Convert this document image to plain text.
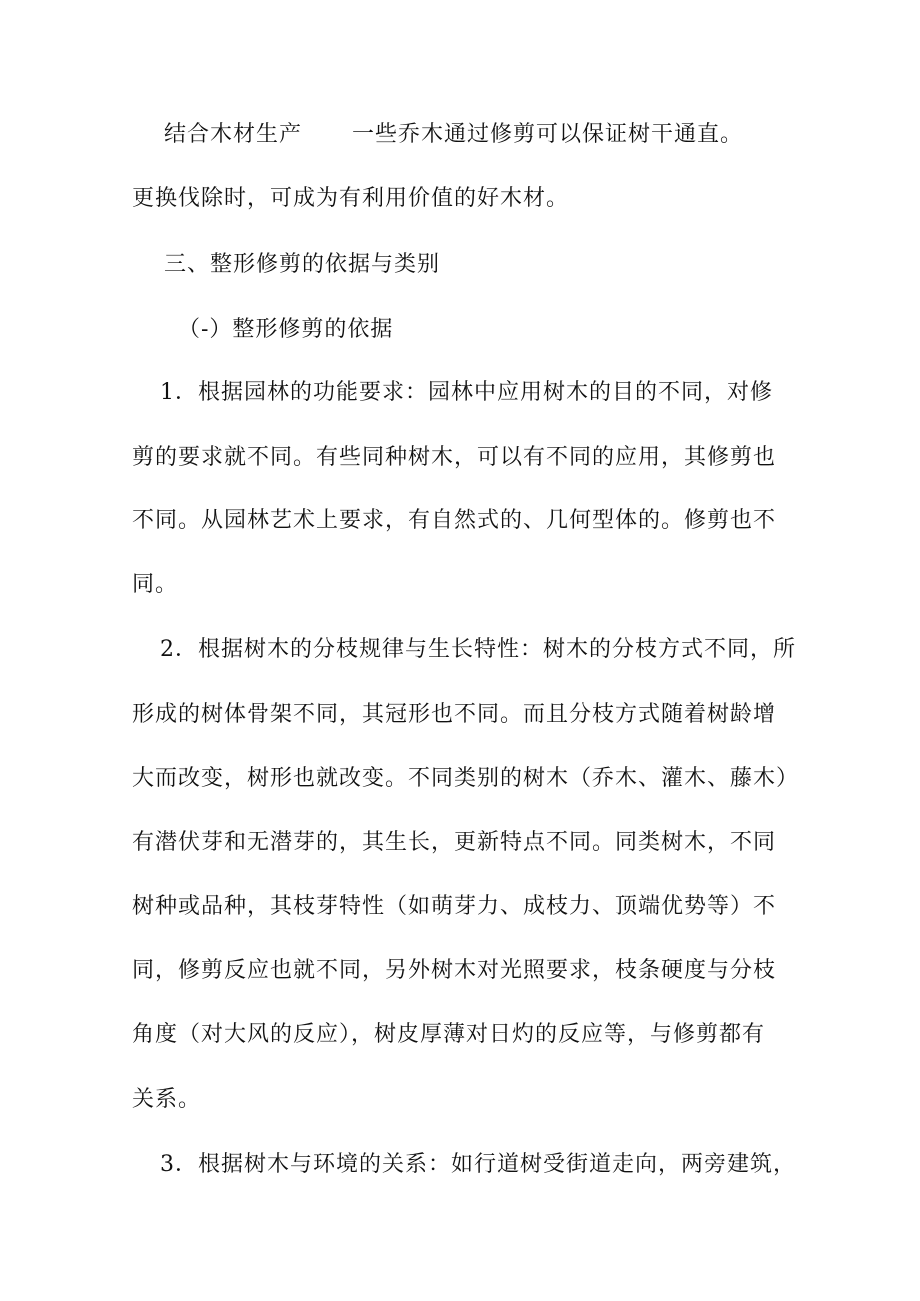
结合木材生产 一些乔木通过修剪可以保证树干通直。
更换伐除时，可成为有利用价值的好木材。
三、整形修剪的依据与类别
（-）整形修剪的依据
1．根据园林的功能要求：园林中应用树木的目的不同，对修
剪的要求就不同。有些同种树木，可以有不同的应用，其修剪也
不同。从园林艺术上要求，有自然式的、几何型体的。修剪也不
同。
2．根据树木的分枝规律与生长特性：树木的分枝方式不同，所
形成的树体骨架不同，其冠形也不同。而且分枝方式随着树龄增
大而改变，树形也就改变。不同类别的树木（乔木、灌木、藤木）
有潜伏芽和无潜芽的，其生长，更新特点不同。同类树木，不同
树种或品种，其枝芽特性（如萌芽力、成枝力、顶端优势等）不
同，修剪反应也就不同，另外树木对光照要求，枝条硬度与分枝
角度（对大风的反应），树皮厚薄对日灼的反应等，与修剪都有
关系。
3．根据树木与环境的关系：如行道树受街道走向，两旁建筑，
